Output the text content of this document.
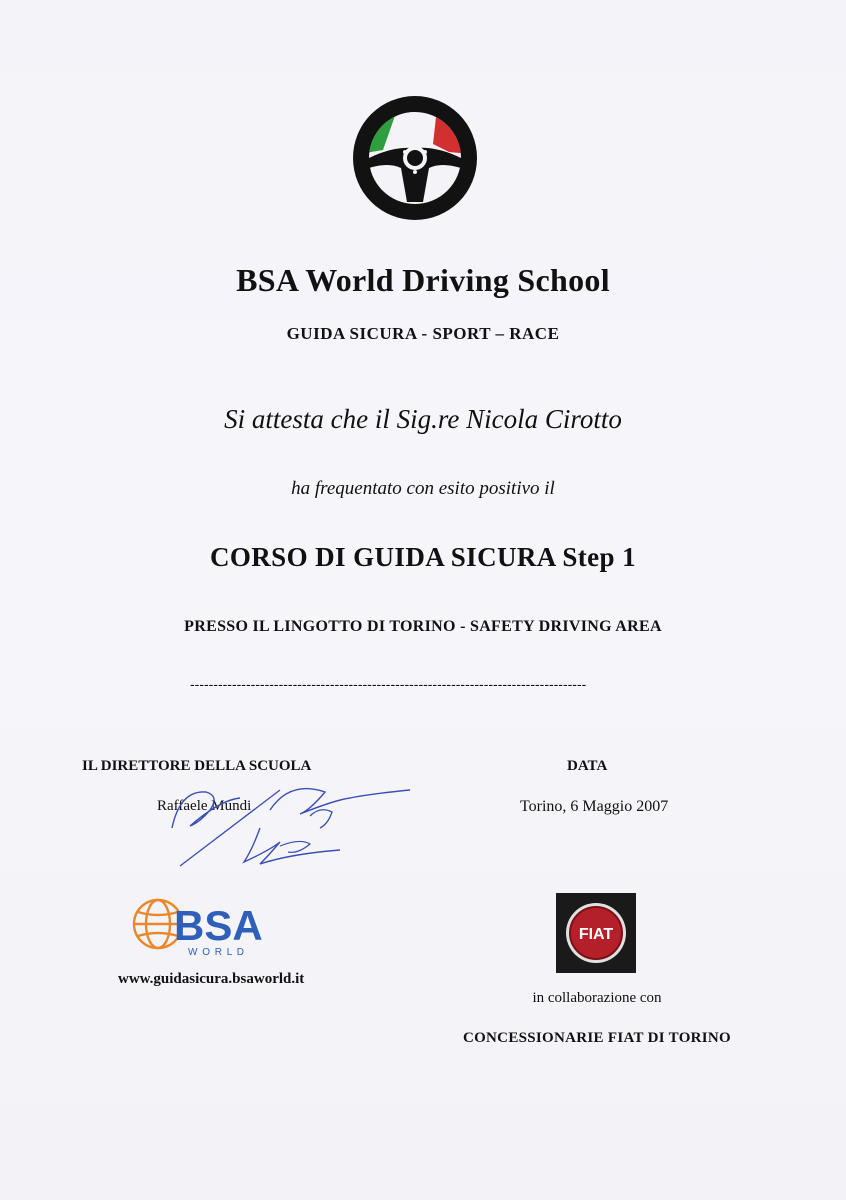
BSA World Driving School
GUIDA SICURA - SPORT – RACE
Si attesta che il Sig.re Nicola Cirotto
ha frequentato con esito positivo il
CORSO DI GUIDA SICURA Step 1
PRESSO IL LINGOTTO DI TORINO - SAFETY DRIVING AREA
-------------------------------------------------------------------------------------
IL DIRETTORE DELLA SCUOLA
Raffaele Mundi
DATA
Torino, 6 Maggio 2007
BSA
W O R L D
www.guidasicura.bsaworld.it
FIAT
in collaborazione con
CONCESSIONARIE FIAT DI TORINO
